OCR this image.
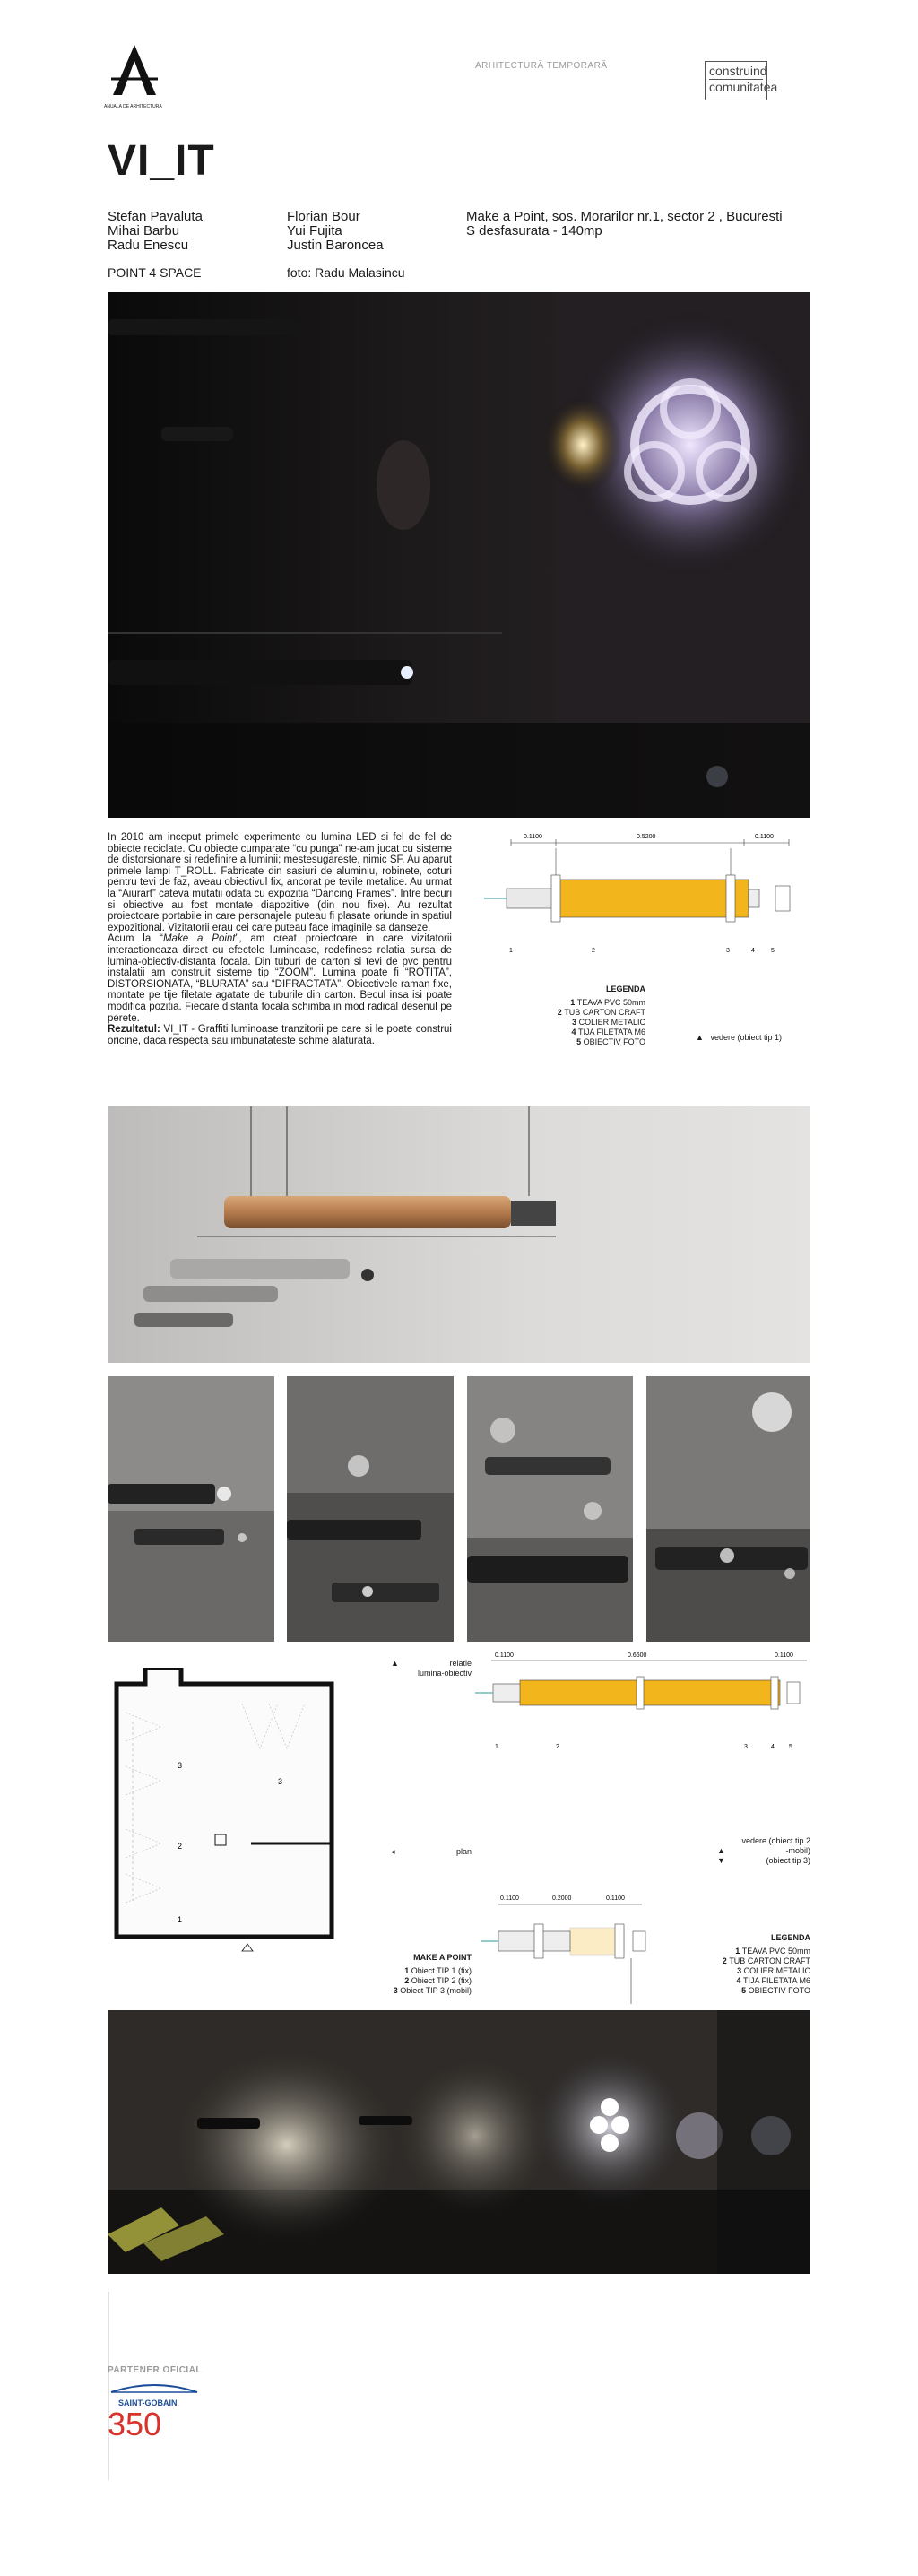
ANUALA DE ARHITECTURA
ARHITECTURĂ TEMPORARĂ	construind
comunitatea
VI_IT
Stefan Pavaluta
Mihai Barbu
Radu Enescu
Florian Bour
Yui Fujita
Justin Baroncea
Make a Point, sos. Morarilor nr.1, sector 2 , Bucuresti
S desfasurata - 140mp
POINT 4 SPACE	foto: Radu Malasincu

In 2010 am inceput primele experimente cu lumina LED si fel de fel de obiecte reciclate. Cu obiecte cumparate “cu punga” ne-am jucat cu sisteme de distorsionare si redefinire a luminii; mestesugareste, nimic SF. Au aparut primele lampi T_ROLL. Fabricate din sasiuri de aluminiu, robinete, coturi pentru tevi de faz, aveau obiectivul fix, ancorat pe tevile metalice. Au urmat la “Aiurart” cateva mutatii odata cu expozitia “Dancing Frames”. Intre becuri si obiective au fost montate diapozitive (din nou fixe). Au rezultat proiectoare portabile in care personajele puteau fi plasate oriunde in spatiul expozitional. Vizitatorii erau cei care puteau face imaginile sa danseze.

Acum la “Make a Point”, am creat proiectoare in care vizitatorii interactioneaza direct cu efectele luminoase, redefinesc relatia sursa de lumina-obiectiv-distanta focala. Din tuburi de carton si tevi de pvc pentru instalatii am construit sisteme tip “ZOOM”. Lumina poate fi “ROTITA”, DISTORSIONATA, “BLURATA” sau “DIFRACTATA”. Obiectivele raman fixe, montate pe tije filetate agatate de tuburile din carton. Becul insa isi poate modifica pozitia. Fiecare distanta focala schimba in mod radical desenul pe perete.

Rezultatul: VI_IT - Graffiti luminoase tranzitorii pe care si le poate construi oricine, daca respecta sau imbunatateste schme alaturata.

0.1100	0.5200	0.1100
1	2	3	4	5
LEGENDA
1 TEAVA PVC 50mm
2 TUB CARTON CRAFT
3 COLIER METALIC
4 TIJA FILETATA M6
5 OBIECTIV FOTO	▲ vedere (obiect tip 1)
3
3
2
1
▲	relatie
lumina-obiectiv
◂	plan
MAKE A POINT
1 Obiect TIP 1 (fix)
2 Obiect TIP 2 (fix)
3 Obiect TIP 3 (mobil)
0.1100	0.6600	0.1100
1	2	3	4 5
vedere (obiect tip 2
▲	-mobil)
▼	(obiect tip 3)
0.1100	0.2000	0.1100
LEGENDA
1 TEAVA PVC 50mm
2 TUB CARTON CRAFT
3 COLIER METALIC
4 TIJA FILETATA M6
5 OBIECTIV FOTO
PARTENER OFICIAL
SAINT-GOBAIN
350
